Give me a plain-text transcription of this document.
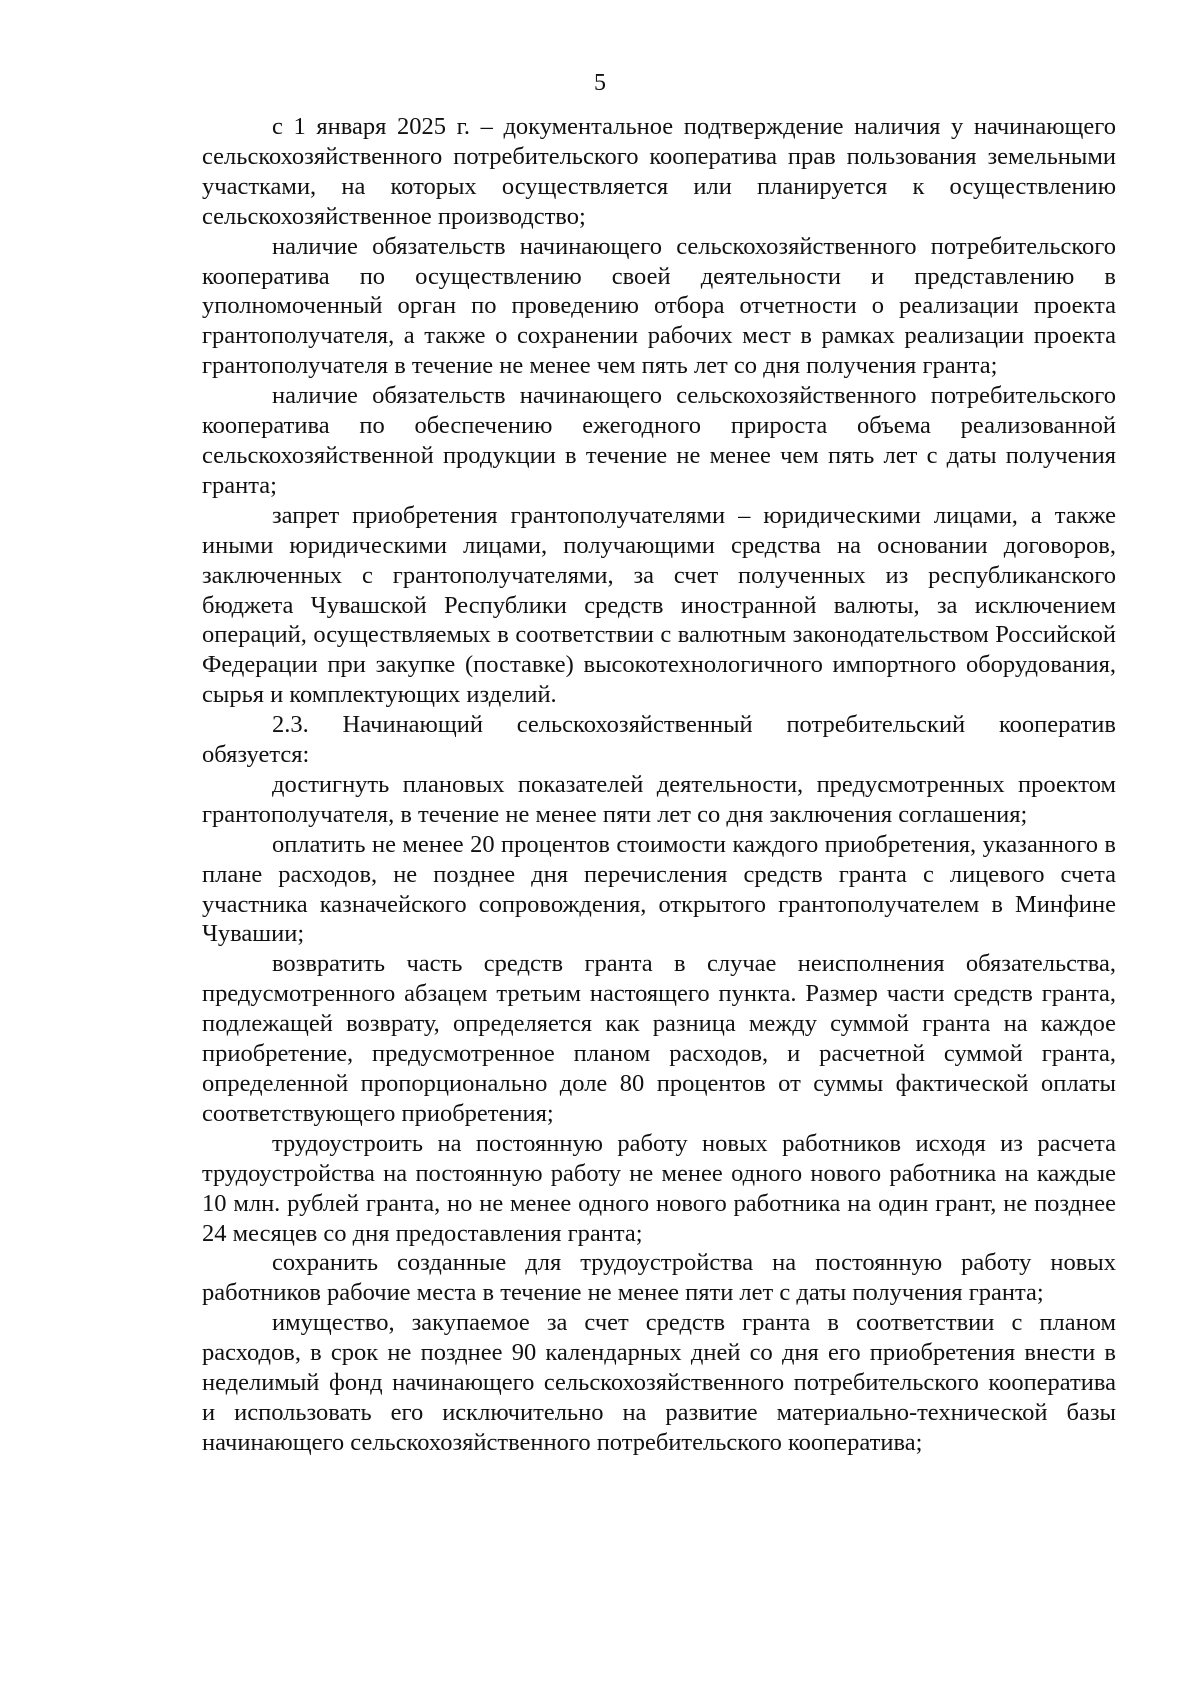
5

с 1 января 2025 г. – документальное подтверждение наличия у начинающего сельскохозяйственного потребительского кооператива прав пользования земельными участками, на которых осуществляется или планируется к осуществлению сельскохозяйственное производство;

наличие обязательств начинающего сельскохозяйственного потребительского кооператива по осуществлению своей деятельности и представлению в уполномоченный орган по проведению отбора отчетности о реализации проекта грантополучателя, а также о сохранении рабочих мест в рамках реализации проекта грантополучателя в течение не менее чем пять лет со дня получения гранта;

наличие обязательств начинающего сельскохозяйственного потребительского кооператива по обеспечению ежегодного прироста объема реализованной сельскохозяйственной продукции в течение не менее чем пять лет с даты получения гранта;

запрет приобретения грантополучателями – юридическими лицами, а также иными юридическими лицами, получающими средства на основании договоров, заключенных с грантополучателями, за счет полученных из республиканского бюджета Чувашской Республики средств иностранной валюты, за исключением операций, осуществляемых в соответствии с валютным законодательством Российской Федерации при закупке (поставке) высокотехнологичного импортного оборудования, сырья и комплектующих изделий.

2.3. Начинающий сельскохозяйственный потребительский кооператив обязуется:

достигнуть плановых показателей деятельности, предусмотренных проектом грантополучателя, в течение не менее пяти лет со дня заключения соглашения;

оплатить не менее 20 процентов стоимости каждого приобретения, указанного в плане расходов, не позднее дня перечисления средств гранта с лицевого счета участника казначейского сопровождения, открытого грантополучателем в Минфине Чувашии;

возвратить часть средств гранта в случае неисполнения обязательства, предусмотренного абзацем третьим настоящего пункта. Размер части средств гранта, подлежащей возврату, определяется как разница между суммой гранта на каждое приобретение, предусмотренное планом расходов, и расчетной суммой гранта, определенной пропорционально доле 80 процентов от суммы фактической оплаты соответствующего приобретения;

трудоустроить на постоянную работу новых работников исходя из расчета трудоустройства на постоянную работу не менее одного нового работника на каждые 10 млн. рублей гранта, но не менее одного нового работника на один грант, не позднее 24 месяцев со дня предоставления гранта;

сохранить созданные для трудоустройства на постоянную работу новых работников рабочие места в течение не менее пяти лет с даты получения гранта;

имущество, закупаемое за счет средств гранта в соответствии с планом расходов, в срок не позднее 90 календарных дней со дня его приобретения внести в неделимый фонд начинающего сельскохозяйственного потребительского кооператива и использовать его исключительно на развитие материально-технической базы начинающего сельскохозяйственного потребительского кооператива;
